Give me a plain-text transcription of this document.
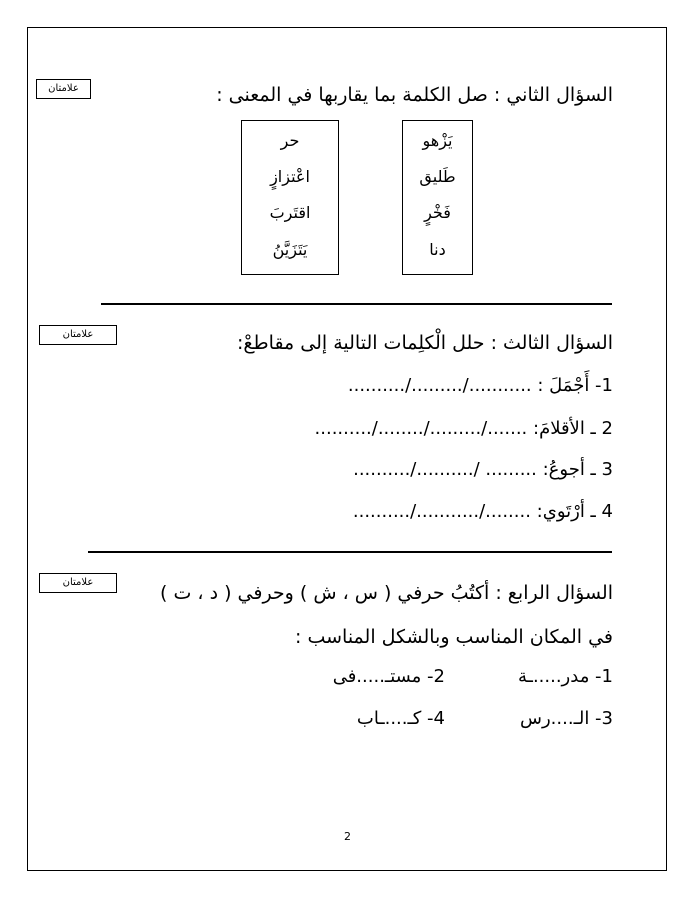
علامتان	السؤال الثاني : صل الكلمة بما يقاربها في المعنى :
يَزْهو
طَليق
فَخْرٍ
دنا
حر
اعْتزازٍ
اقتَربَ
يَتَزَيَّنُ
علامتان	السؤال الثالث : حلل الْكلِمات التالية إلى مقاطعْ:
1- أَجْمَلَ : .........../........./..........
2 ـ الأقلامَ: ......./........./......../..........
3 ـ أجوعُ: ......... /........../..........
4 ـ أرْتَوي: ......../.........../..........
علامتان	السؤال الرابع : أكتُبُ حرفي ( س ، ش ) وحرفي ( د ، ت )
في المكان المناسب وبالشكل المناسب :
1- مدر.....ـة
2- مستـ.....فى
3- الـ....رس
4- كـ....ـاب
2
